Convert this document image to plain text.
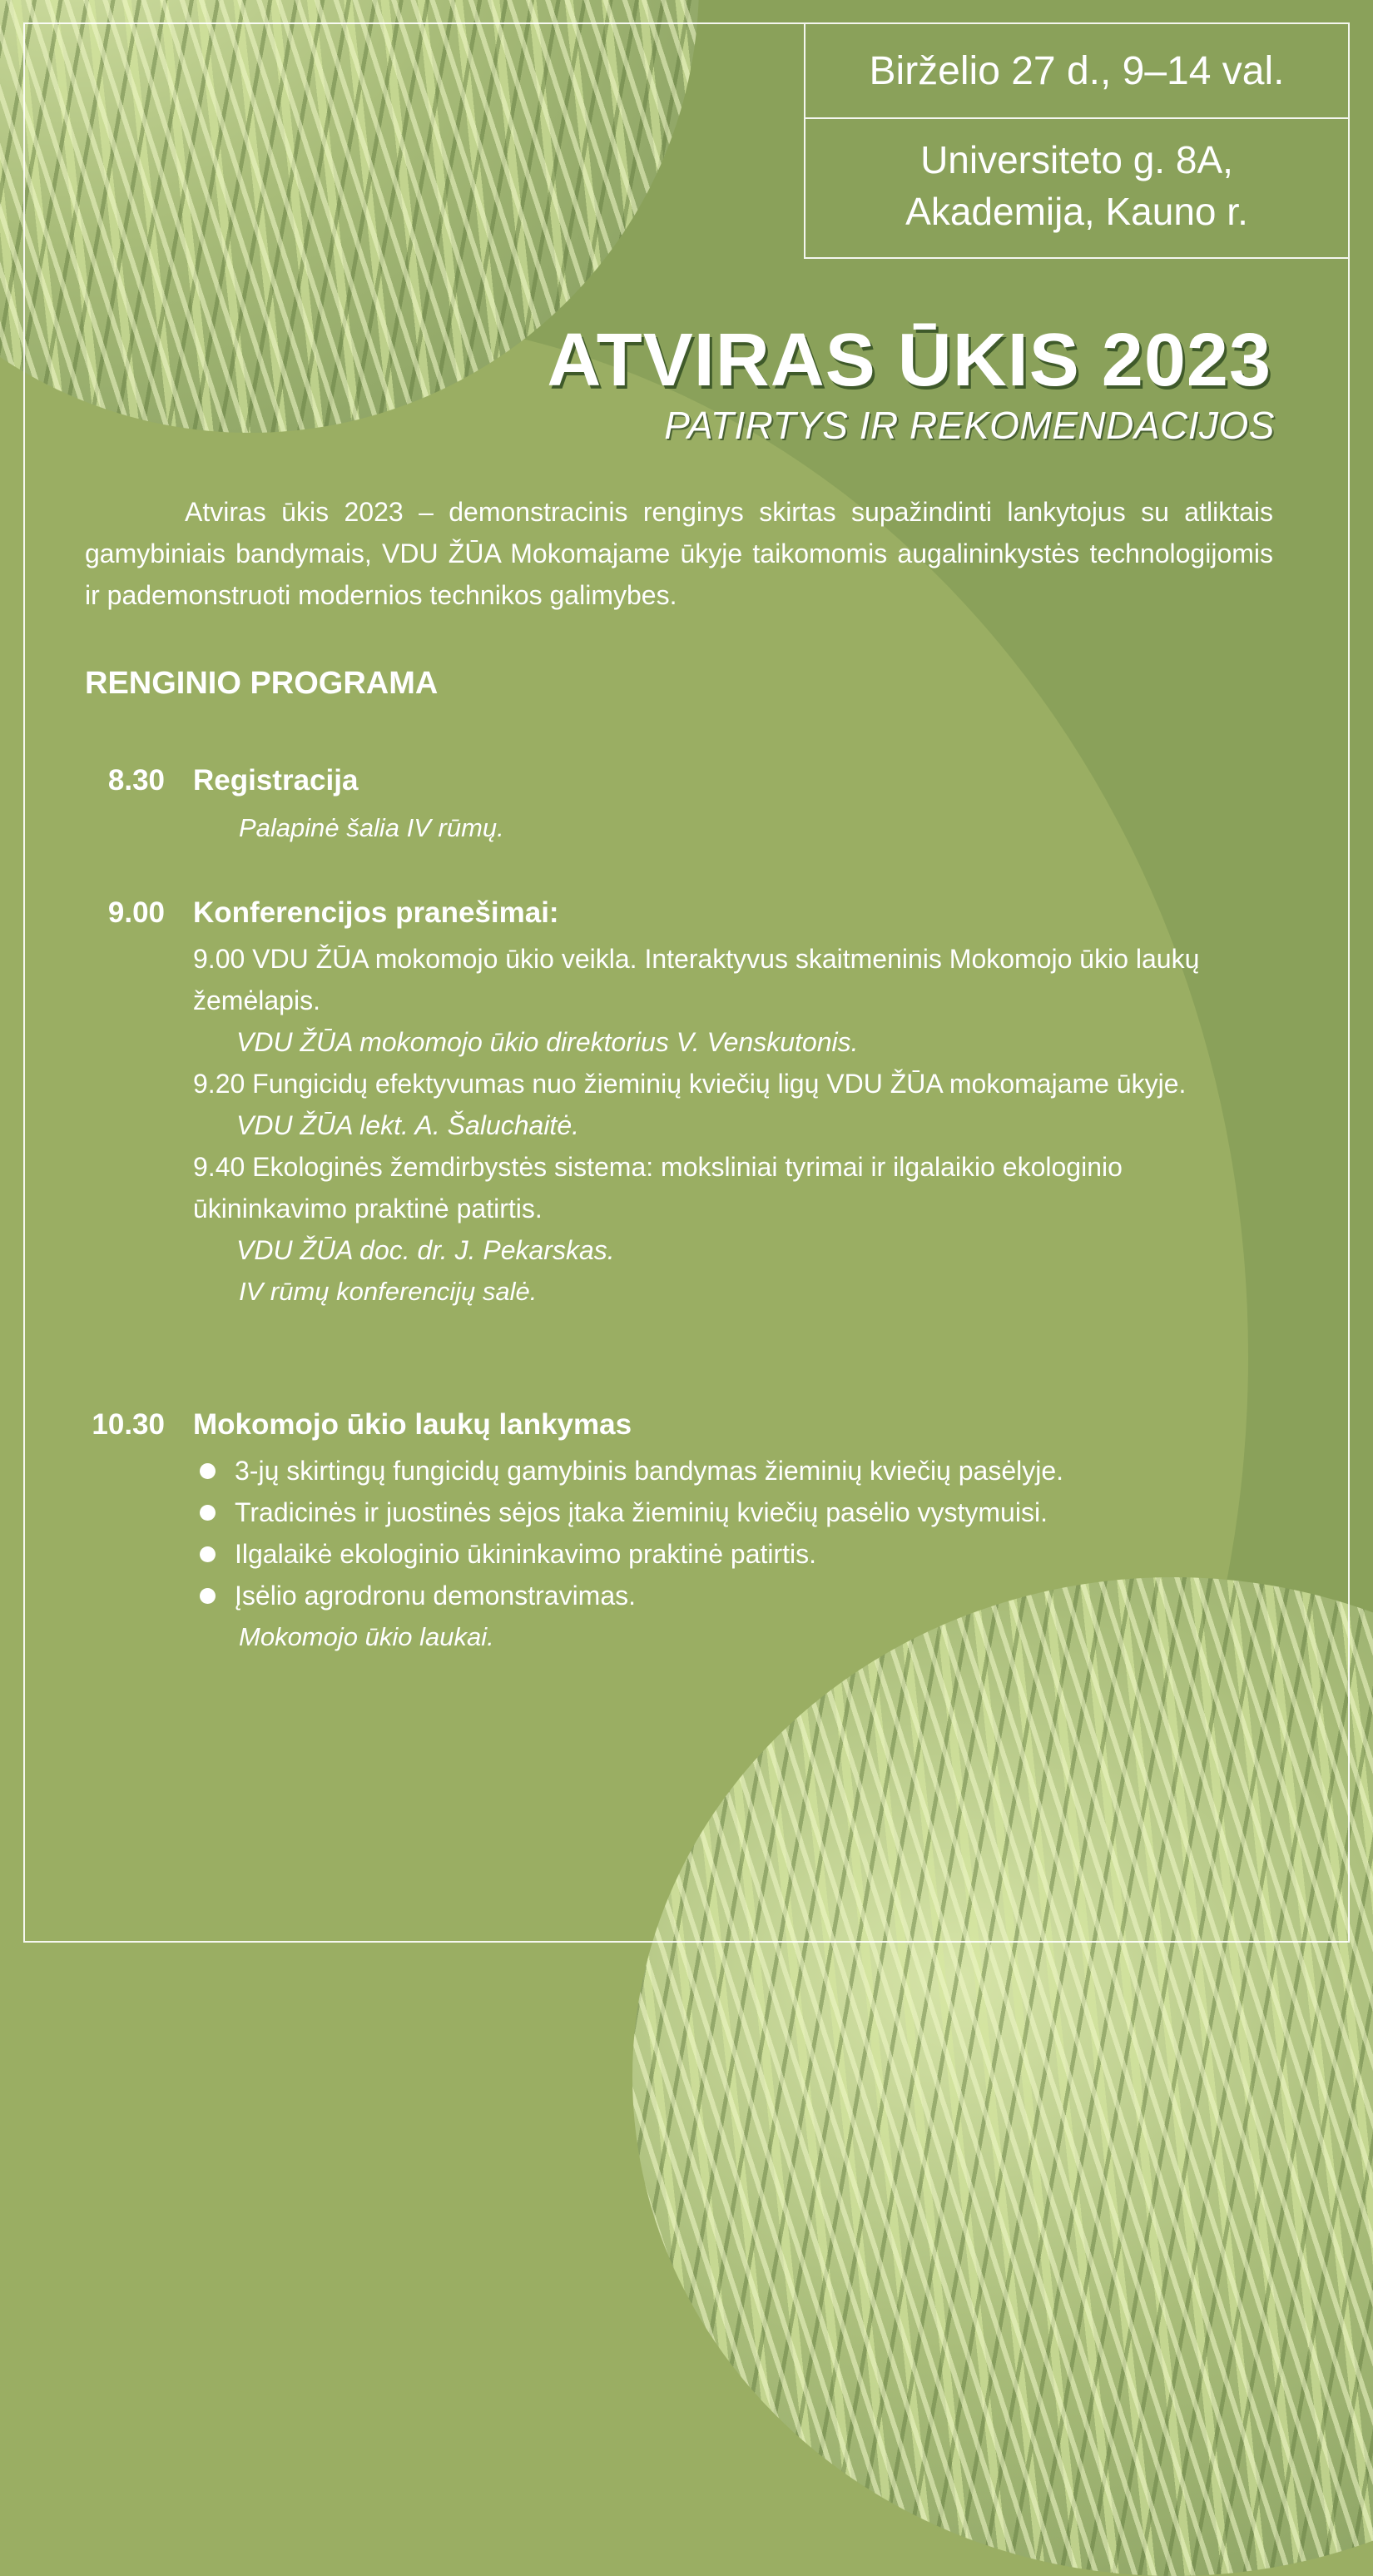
Birželio 27 d., 9–14 val.
Universiteto g. 8A,
Akademija, Kauno r.
ATVIRAS ŪKIS 2023
PATIRTYS IR REKOMENDACIJOS
Atviras ūkis 2023 – demonstracinis renginys skirtas supažindinti lankytojus su atliktais gamybiniais bandymais, VDU ŽŪA Mokomajame ūkyje taikomomis augalininkystės technologijomis ir pademonstruoti modernios technikos galimybes.
RENGINIO PROGRAMA
8.30 Registracija
Palapinė šalia IV rūmų.
9.00 Konferencijos pranešimai:
9.00 VDU ŽŪA mokomojo ūkio veikla. Interaktyvus skaitmeninis Mokomojo ūkio laukų žemėlapis.
VDU ŽŪA mokomojo ūkio direktorius V. Venskutonis.
9.20 Fungicidų efektyvumas nuo žieminių kviečių ligų VDU ŽŪA mokomajame ūkyje.
VDU ŽŪA lekt. A. Šaluchaitė.
9.40 Ekologinės žemdirbystės sistema: moksliniai tyrimai ir ilgalaikio ekologinio ūkininkavimo praktinė patirtis.
VDU ŽŪA doc. dr. J. Pekarskas.
IV rūmų konferencijų salė.
10.30 Mokomojo ūkio laukų lankymas
3-jų skirtingų fungicidų gamybinis bandymas žieminių kviečių pasėlyje.
Tradicinės ir juostinės sėjos įtaka žieminių kviečių pasėlio vystymuisi.
Ilgalaikė ekologinio ūkininkavimo praktinė patirtis.
Įsėlio agrodronu demonstravimas.
Mokomojo ūkio laukai.
